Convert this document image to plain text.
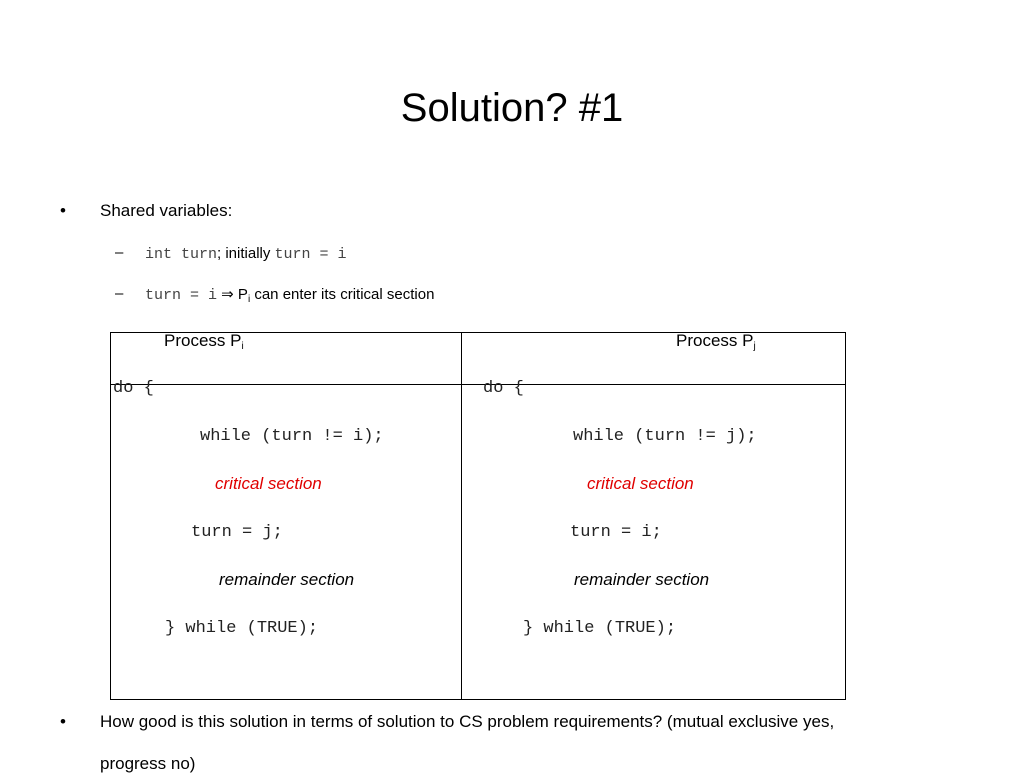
Solution? #1
• Shared variables:
– int turn; initially turn = i
– turn = i ⇒ $P_i$ can enter its critical section
Process $P_i$
do {
while (turn != i);
critical section
turn = j;
remainder section
} while (TRUE);
Process $P_j$
do {
while (turn != j);
critical section
turn = i;
remainder section
} while (TRUE);
• How good is this solution in terms of solution to CS problem requirements? (mutual exclusive yes,
progress no)
